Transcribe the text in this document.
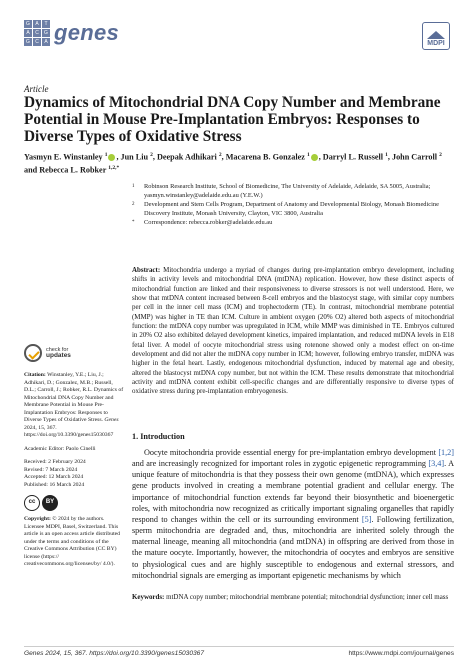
G	A	T
A	C	G
G	C	A genes	MDPI
Article
Dynamics of Mitochondrial DNA Copy Number and Membrane Potential in Mouse Pre-Implantation Embryos: Responses to Diverse Types of Oxidative Stress
Yasmyn E. Winstanley $^1$ , Jun Liu $^2$, Deepak Adhikari $^2$, Macarena B. Gonzalez $^1$ , Darryl L. Russell $^1$, John Carroll $^2$
and Rebecca L. Robker $^{1,2,*}$
1	Robinson Research Institute, School of Biomedicine, The University of Adelaide, Adelaide, SA 5005, Australia; yasmyn.winstanley@adelaide.edu.au (Y.E.W.)
2	Development and Stem Cells Program, Department of Anatomy and Developmental Biology, Monash Biomedicine Discovery Institute, Monash University, Clayton, VIC 3800, Australia
*	Correspondence: rebecca.robker@adelaide.edu.au
Abstract: Mitochondria undergo a myriad of changes during pre-implantation embryo development, including shifts in activity levels and mitochondrial DNA (mtDNA) replication. However, how these distinct aspects of mitochondrial function are linked and their responsiveness to diverse stressors is not well understood. Here, we show that mtDNA content increased between 8-cell embryos and the blastocyst stage, with similar copy numbers per cell in the inner cell mass (ICM) and trophectoderm (TE). In contrast, mitochondrial membrane potential (MMP) was higher in TE than ICM. Culture in ambient oxygen (20% O2) altered both aspects of mitochondrial function: the mtDNA copy number was upregulated in ICM, while MMP was diminished in TE. Embryos cultured in 20% O2 also exhibited delayed development kinetics, impaired implantation, and reduced mtDNA levels in E18 fetal liver. A model of oocyte mitochondrial stress using rotenone showed only a modest effect on on-time development and did not alter the mtDNA copy number in ICM; however, following embryo transfer, mtDNA was higher in the fetal heart. Lastly, endogenous mitochondrial dysfunction, induced by maternal age and obesity, altered the blastocyst mtDNA copy number, but not within the ICM. These results demonstrate that mitochondrial activity and mtDNA content exhibit cell-specific changes and are differentially responsive to diverse types of oxidative stress during pre-implantation embryogenesis.
Keywords: mtDNA copy number; mitochondrial membrane potential; mitochondrial dysfunction; inner cell mass
check for
updates
Citation: Winstanley, Y.E.; Liu, J.; Adhikari, D.; Gonzalez, M.B.; Russell, D.L.; Carroll, J.; Robker, R.L. Dynamics of Mitochondrial DNA Copy Number and Membrane Potential in Mouse Pre-Implantation Embryos: Responses to Diverse Types of Oxidative Stress. Genes 2024, 15, 367. https://doi.org/10.3390/genes15030367
Academic Editor: Paolo Cinelli
Received: 2 February 2024
Revised: 7 March 2024
Accepted: 12 March 2024
Published: 16 March 2024
cc	BY
Copyright: © 2024 by the authors. Licensee MDPI, Basel, Switzerland. This article is an open access article distributed under the terms and conditions of the Creative Commons Attribution (CC BY) license (https:// creativecommons.org/licenses/by/ 4.0/).
1. Introduction

Oocyte mitochondria provide essential energy for pre-implantation embryo development [1,2] and are increasingly recognized for important roles in zygotic epigenetic reprogramming [3,4]. A unique feature of mitochondria is that they possess their own genome (mtDNA), which expresses gene products involved in creating a membrane potential gradient and cellular energy. The importance of mitochondrial function extends far beyond their biosynthetic and bioenergetic roles, with mitochondria now recognized as critically important signaling organelles that rapidly respond to changes within the cell or its surrounding environment [5]. Following fertilization, sperm mitochondria are degraded and, thus, mitochondria are inherited solely through the maternal lineage, meaning all mitochondria (and mtDNA) in offspring are derived from those in the mature oocyte. Importantly, however, the mitochondria of oocytes and embryos are sensitive to physiological cues and are highly susceptible to endogenous and external stressors, and mitochondrial signals are emerging as important epigenetic mechanisms by which

Genes 2024, 15, 367. https://doi.org/10.3390/genes15030367	https://www.mdpi.com/journal/genes
